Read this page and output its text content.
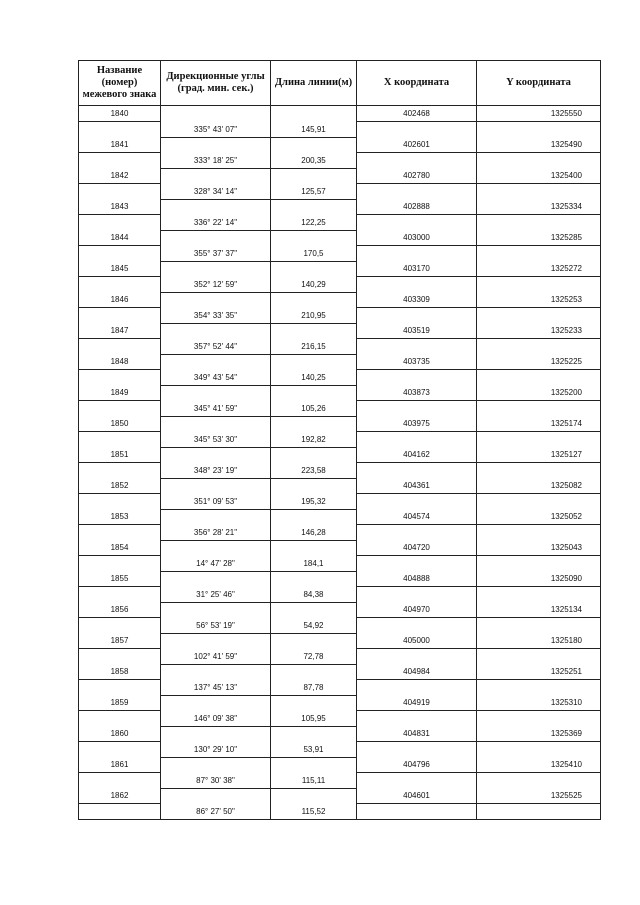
Название (номер) межевого знака	Дирекционные углы (град. мин. сек.)	Длина линии(м)	X координата	Y координата
1840			402468	1325550
	335° 43' 07"	145,91		
1841			402601	1325490
	333° 18' 25"	200,35		
1842			402780	1325400
	328° 34' 14"	125,57		
1843			402888	1325334
	336° 22' 14"	122,25		
1844			403000	1325285
	355° 37' 37"	170,5		
1845			403170	1325272
	352° 12' 59"	140,29		
1846			403309	1325253
	354° 33' 35"	210,95		
1847			403519	1325233
	357° 52' 44"	216,15		
1848			403735	1325225
	349° 43' 54"	140,25		
1849			403873	1325200
	345° 41' 59"	105,26		
1850			403975	1325174
	345° 53' 30"	192,82		
1851			404162	1325127
	348° 23' 19"	223,58		
1852			404361	1325082
	351° 09' 53"	195,32		
1853			404574	1325052
	356° 28' 21"	146,28		
1854			404720	1325043
	14° 47' 28"	184,1		
1855			404888	1325090
	31° 25' 46"	84,38		
1856			404970	1325134
	56° 53' 19"	54,92		
1857			405000	1325180
	102° 41' 59"	72,78		
1858			404984	1325251
	137° 45' 13"	87,78		
1859			404919	1325310
	146° 09' 38"	105,95		
1860			404831	1325369
	130° 29' 10"	53,91		
1861			404796	1325410
	87° 30' 38"	115,11		
1862			404601	1325525
	86° 27' 50"	115,52		
